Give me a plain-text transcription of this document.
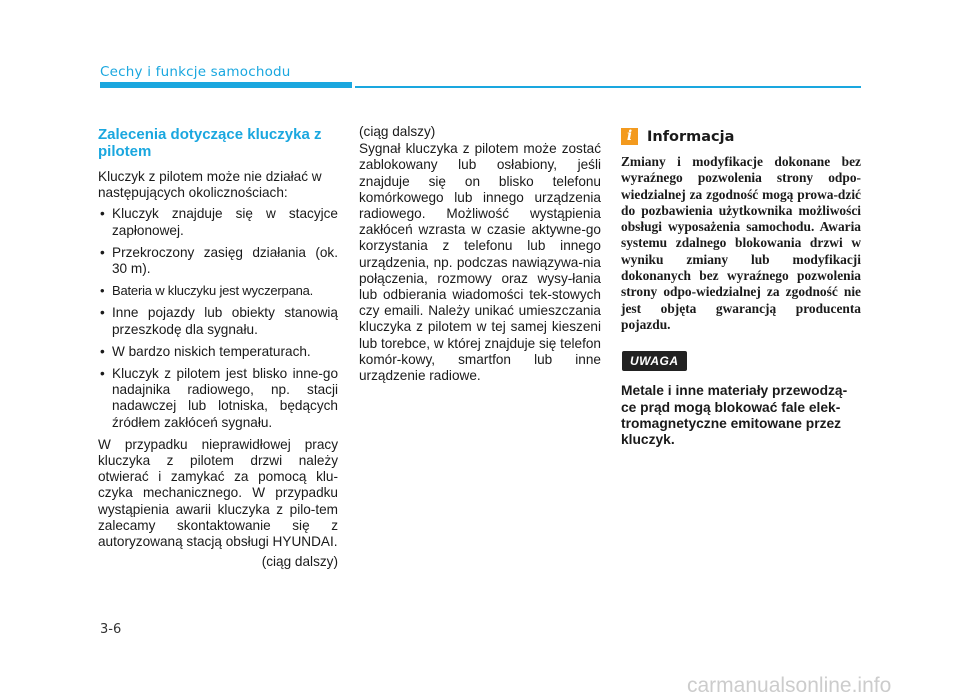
Cechy i funkcje samochodu
Zalecenia dotyczące kluczyka z pilotem

Kluczyk z pilotem może nie działać w następujących okolicznościach:

• Kluczyk znajduje się w stacyjce zapłonowej.
• Przekroczony zasięg działania (ok. 30 m).
• Bateria w kluczyku jest wyczerpana.
• Inne pojazdy lub obiekty stanowią przeszkodę dla sygnału.
• W bardzo niskich temperaturach.
• Kluczyk z pilotem jest blisko inne-go nadajnika radiowego, np. stacji nadawczej lub lotniska, będących źródłem zakłóceń sygnału.

W przypadku nieprawidłowej pracy kluczyka z pilotem drzwi należy otwierać i zamykać za pomocą klu-czyka mechanicznego. W przypadku wystąpienia awarii kluczyka z pilo-tem zalecamy skontaktowanie się z autoryzowaną stacją obsługi HYUNDAI.

(ciąg dalszy)

(ciąg dalszy)

Sygnał kluczyka z pilotem może zostać zablokowany lub osłabiony, jeśli znajduje się on blisko telefonu komórkowego lub innego urządzenia radiowego. Możliwość wystąpienia zakłóceń wzrasta w czasie aktywne-go korzystania z telefonu lub innego urządzenia, np. podczas nawiązywa-nia połączenia, rozmowy oraz wysy-łania lub odbierania wiadomości tek-stowych czy emaili. Należy unikać umieszczania kluczyka z pilotem w tej samej kieszeni lub torebce, w której znajduje się telefon komór-kowy, smartfon lub inne urządzenie radiowe.

i	Informacja

Zmiany i modyfikacje dokonane bez wyraźnego pozwolenia strony odpo-wiedzialnej za zgodność mogą prowa-dzić do pozbawienia użytkownika możliwości obsługi wyposażenia samochodu. Awaria systemu zdalnego blokowania drzwi w wyniku zmiany lub modyfikacji dokonanych bez wyraźnego pozwolenia strony odpo-wiedzialnej za zgodność nie jest objęta gwarancją producenta pojazdu.

UWAGA

Metale i inne materiały przewodzą-ce prąd mogą blokować fale elek-tromagnetyczne emitowane przez kluczyk.

3-6
carmanualsonline.info
